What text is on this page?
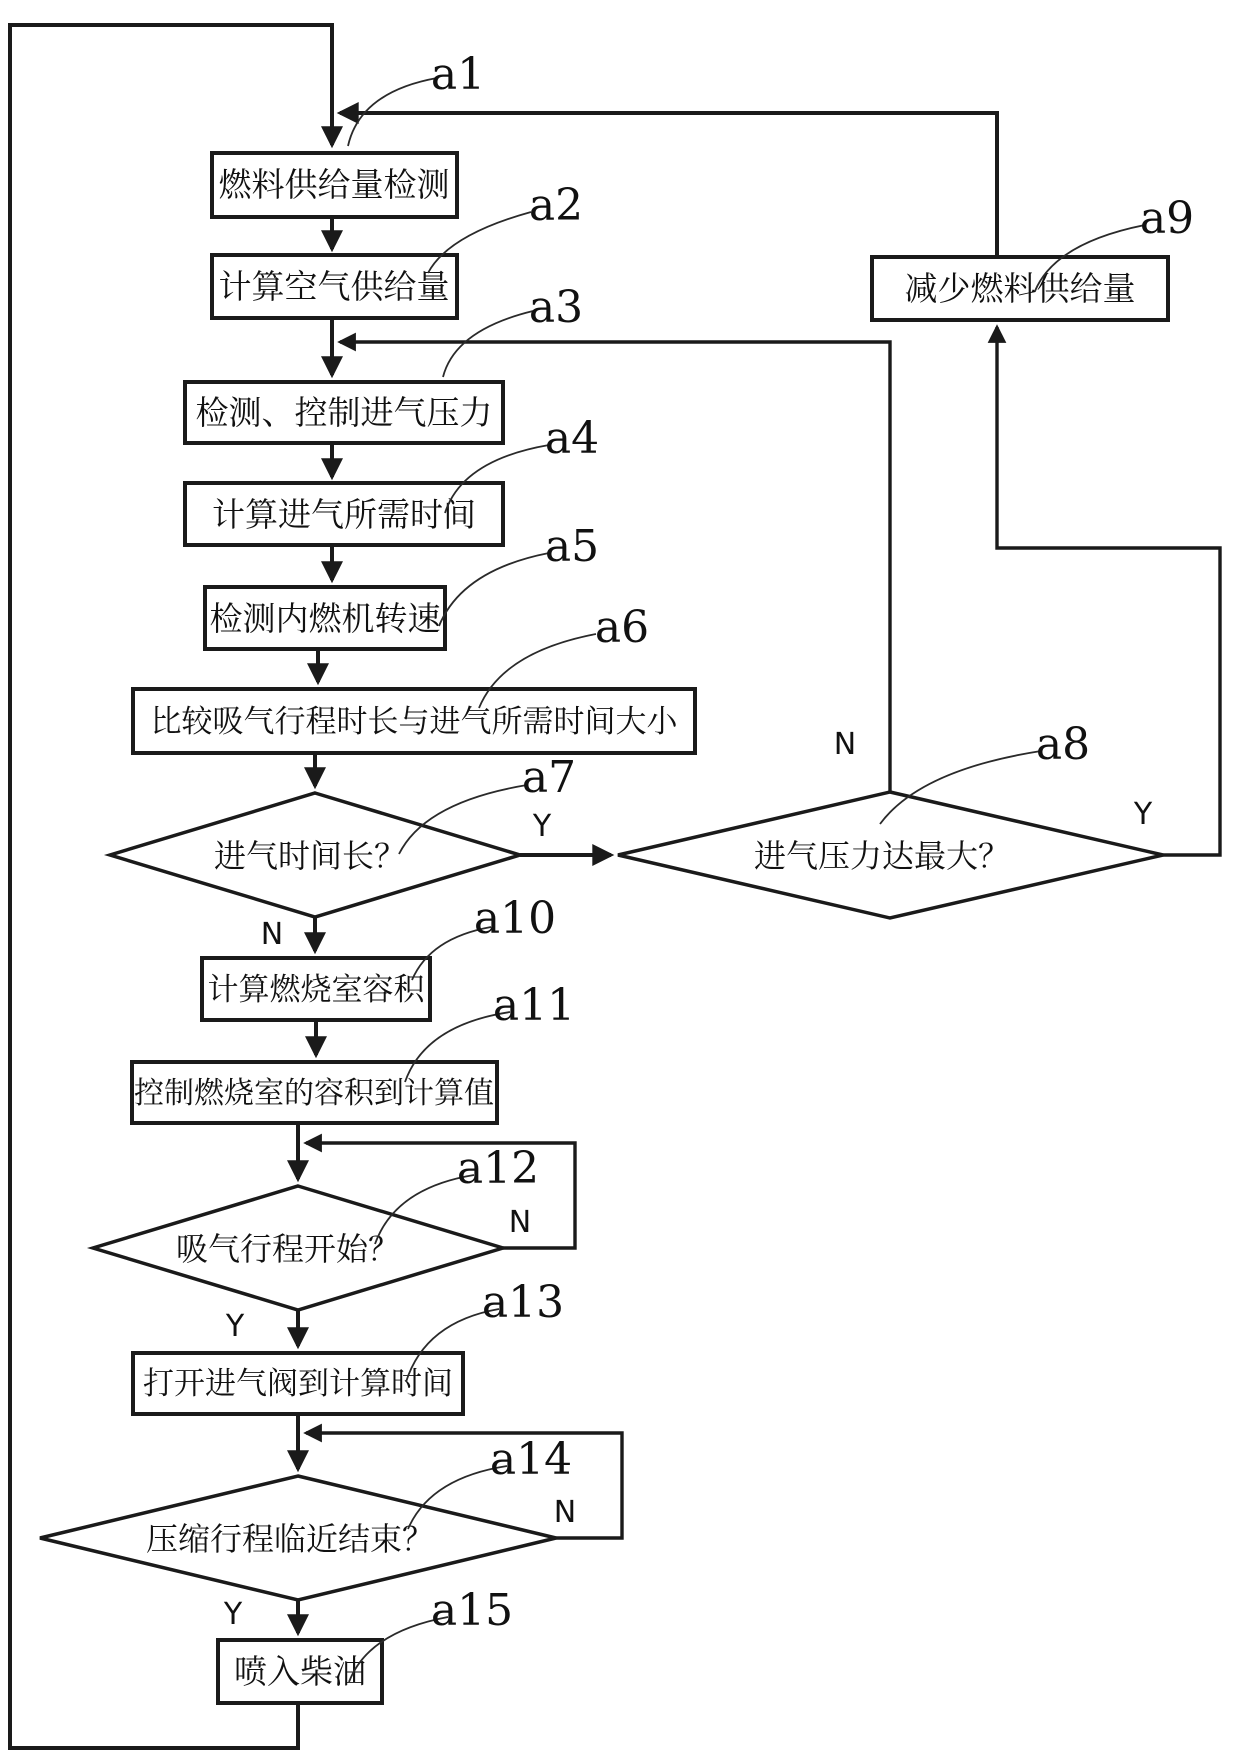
燃料供给量检测
计算空气供给量
检测、控制进气压力
计算进气所需时间
检测内燃机转速
比较吸气行程时长与进气所需时间大小
进气时间长？	进气压力达最大？
减少燃料供给量
计算燃烧室容积
控制燃烧室的容积到计算值
吸气行程开始？
打开进气阀到计算时间
压缩行程临近结束？
喷入柴油
Y
N
N
Y
N
Y
N
Y
a1
a2
a3
a4
a5
a6
a7
a8
a9
a10
a11
a12
a13
a14
a15
